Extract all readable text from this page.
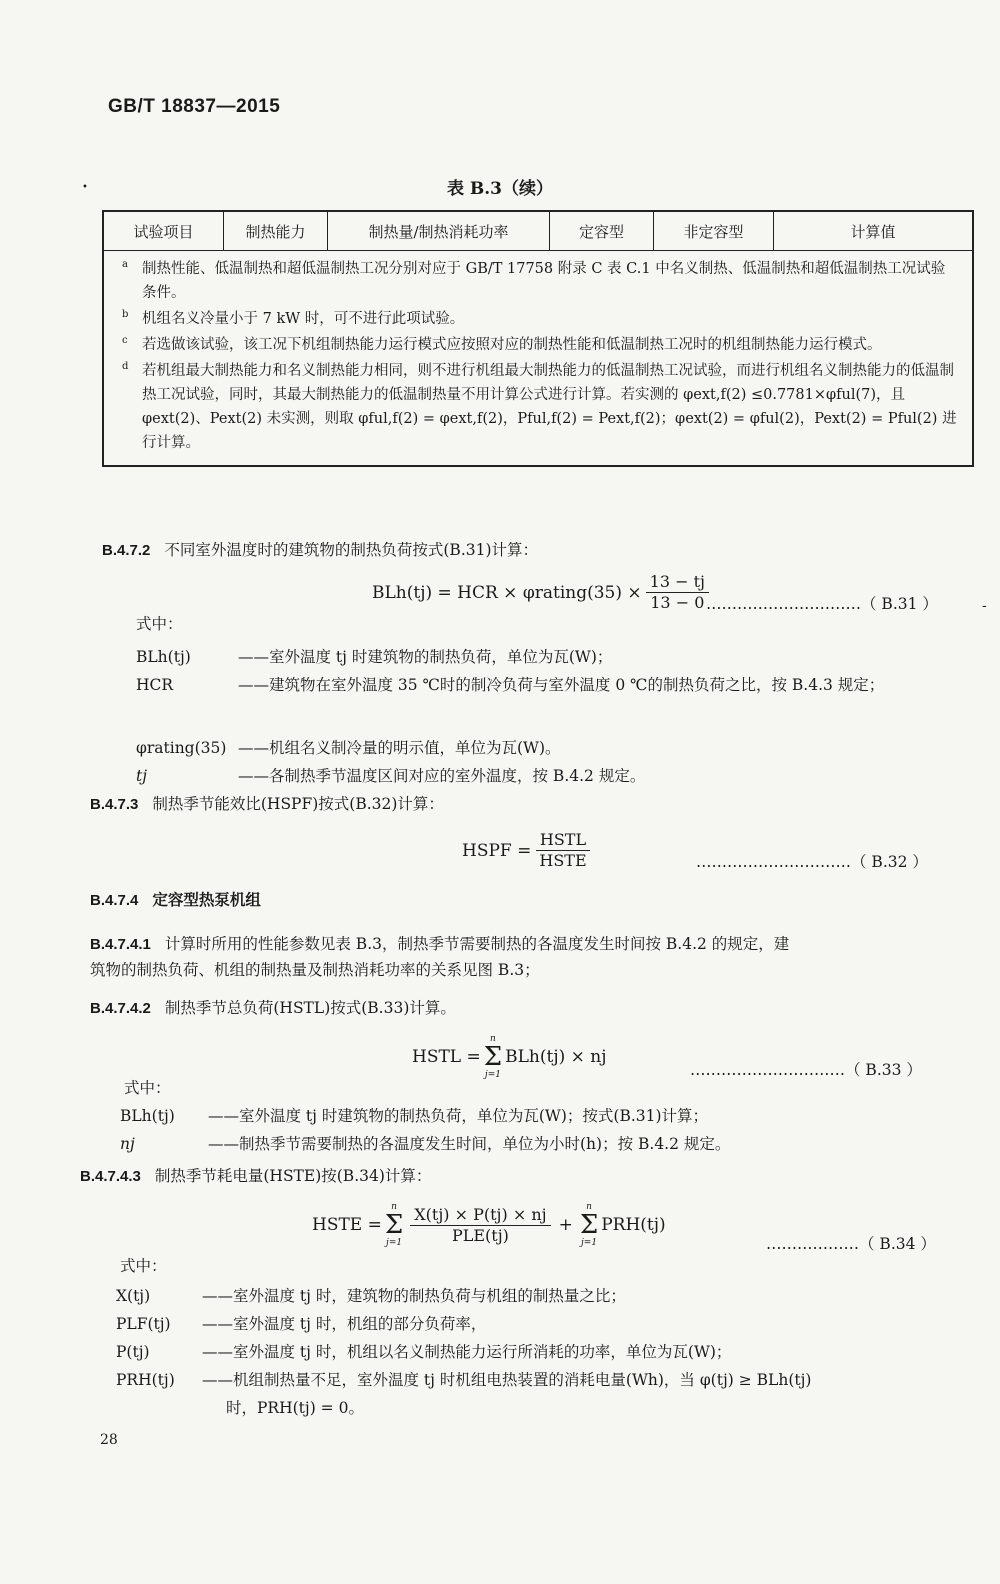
GB/T 18837—2015
•	表 B.3（续）
试验项目	制热能力	制热量/制热消耗功率	定容型	非定容型	计算值
a 制热性能、低温制热和超低温制热工况分别对应于 GB/T 17758 附录 C 表 C.1 中名义制热、低温制热和超低温制热工况试验条件。
b 机组名义冷量小于 7 kW 时，可不进行此项试验。
c 若选做该试验，该工况下机组制热能力运行模式应按照对应的制热性能和低温制热工况时的机组制热能力运行模式。
d 若机组最大制热能力和名义制热能力相同，则不进行机组最大制热能力的低温制热工况试验，而进行机组名义制热能力的低温制热工况试验，同时，其最大制热能力的低温制热量不用计算公式进行计算。若实测的 φext,f(2) ≤0.7781×φful(7)，且 φext(2)、Pext(2) 未实测，则取 φful,f(2) = φext,f(2)，Pful,f(2) = Pext,f(2)；φext(2) = φful(2)，Pext(2) = Pful(2) 进行计算。
B.4.7.2 不同室外温度时的建筑物的制热负荷按式(B.31)计算：
BLh(tj) = HCR × φrating(35) × $\frac{13 - tj}{13 - 0}$
…………………………（ B.31 ）	-
式中：
BLh(tj)	——室外温度 tj 时建筑物的制热负荷，单位为瓦(W)；
HCR	——建筑物在室外温度 35 ℃时的制冷负荷与室外温度 0 ℃的制热负荷之比，按 B.4.3 规定；
φrating(35) ——机组名义制冷量的明示值，单位为瓦(W)。
tj	——各制热季节温度区间对应的室外温度，按 B.4.2 规定。
B.4.7.3 制热季节能效比(HSPF)按式(B.32)计算：
HSPF = $\frac{\text{HSTL}}{\text{HSTE}}$	…………………………（ B.32 ）
B.4.7.4 定容型热泵机组
B.4.7.4.1 计算时所用的性能参数见表 B.3，制热季节需要制热的各温度发生时间按 B.4.2 的规定，建
筑物的制热负荷、机组的制热量及制热消耗功率的关系见图 B.3；
B.4.7.4.2 制热季节总负荷(HSTL)按式(B.33)计算。
HSTL =
n
Σ
j=1
BLh(tj) × nj
…………………………（ B.33 ）
式中：
BLh(tj) ——室外温度 tj 时建筑物的制热负荷，单位为瓦(W)；按式(B.31)计算；
nj	——制热季节需要制热的各温度发生时间，单位为小时(h)；按 B.4.2 规定。
B.4.7.4.3 制热季节耗电量(HSTE)按(B.34)计算：
HSTE =
n
Σ
$j=1 \frac{X(tj) \times P(tj) \times nj}{\text{PLE(tj)}}$ +
n
Σ
j=1
PRH(tj)
………………（ B.34 ）
式中：
X(tj)	——室外温度 tj 时，建筑物的制热负荷与机组的制热量之比；
PLF(tj) ——室外温度 tj 时，机组的部分负荷率，
P(tj)	——室外温度 tj 时，机组以名义制热能力运行所消耗的功率，单位为瓦(W)；
PRH(tj) ——机组制热量不足，室外温度 tj 时机组电热装置的消耗电量(Wh)，当 φ(tj) ≥ BLh(tj)
时，PRH(tj) = 0。
28
